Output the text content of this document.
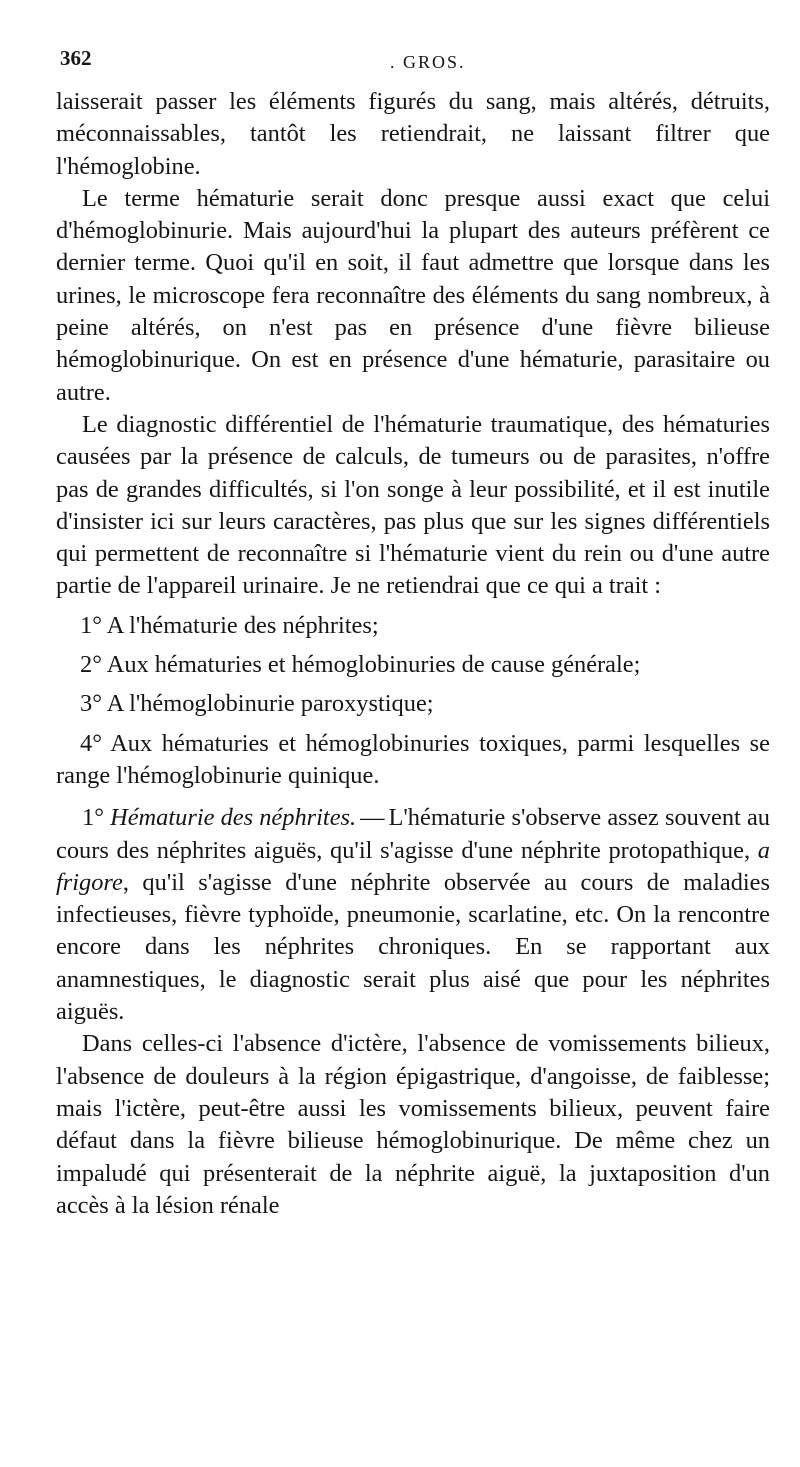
362	. GROS.

laisserait passer les éléments figurés du sang, mais altérés, détruits, méconnaissables, tantôt les retiendrait, ne laissant filtrer que l'hémoglobine.

Le terme hématurie serait donc presque aussi exact que celui d'hémoglobinurie. Mais aujourd'hui la plupart des auteurs préfèrent ce dernier terme. Quoi qu'il en soit, il faut admettre que lorsque dans les urines, le microscope fera reconnaître des éléments du sang nombreux, à peine altérés, on n'est pas en présence d'une fièvre bilieuse hémoglobinurique. On est en présence d'une hématurie, parasitaire ou autre.

Le diagnostic différentiel de l'hématurie traumatique, des hématuries causées par la présence de calculs, de tumeurs ou de parasites, n'offre pas de grandes difficultés, si l'on songe à leur possibilité, et il est inutile d'insister ici sur leurs caractères, pas plus que sur les signes différentiels qui permettent de reconnaître si l'hématurie vient du rein ou d'une autre partie de l'appareil urinaire. Je ne retiendrai que ce qui a trait :

1° A l'hématurie des néphrites;

2° Aux hématuries et hémoglobinuries de cause générale;

3° A l'hémoglobinurie paroxystique;

4° Aux hématuries et hémoglobinuries toxiques, parmi lesquelles se range l'hémoglobinurie quinique.

1° Hématurie des néphrites. — L'hématurie s'observe assez souvent au cours des néphrites aiguës, qu'il s'agisse d'une néphrite protopathique, a frigore, qu'il s'agisse d'une néphrite observée au cours de maladies infectieuses, fièvre typhoïde, pneumonie, scarlatine, etc. On la rencontre encore dans les néphrites chroniques. En se rapportant aux anamnestiques, le diagnostic serait plus aisé que pour les néphrites aiguës.

Dans celles-ci l'absence d'ictère, l'absence de vomissements bilieux, l'absence de douleurs à la région épigastrique, d'angoisse, de faiblesse; mais l'ictère, peut-être aussi les vomissements bilieux, peuvent faire défaut dans la fièvre bilieuse hémoglobinurique. De même chez un impaludé qui présenterait de la néphrite aiguë, la juxtaposition d'un accès à la lésion rénale
